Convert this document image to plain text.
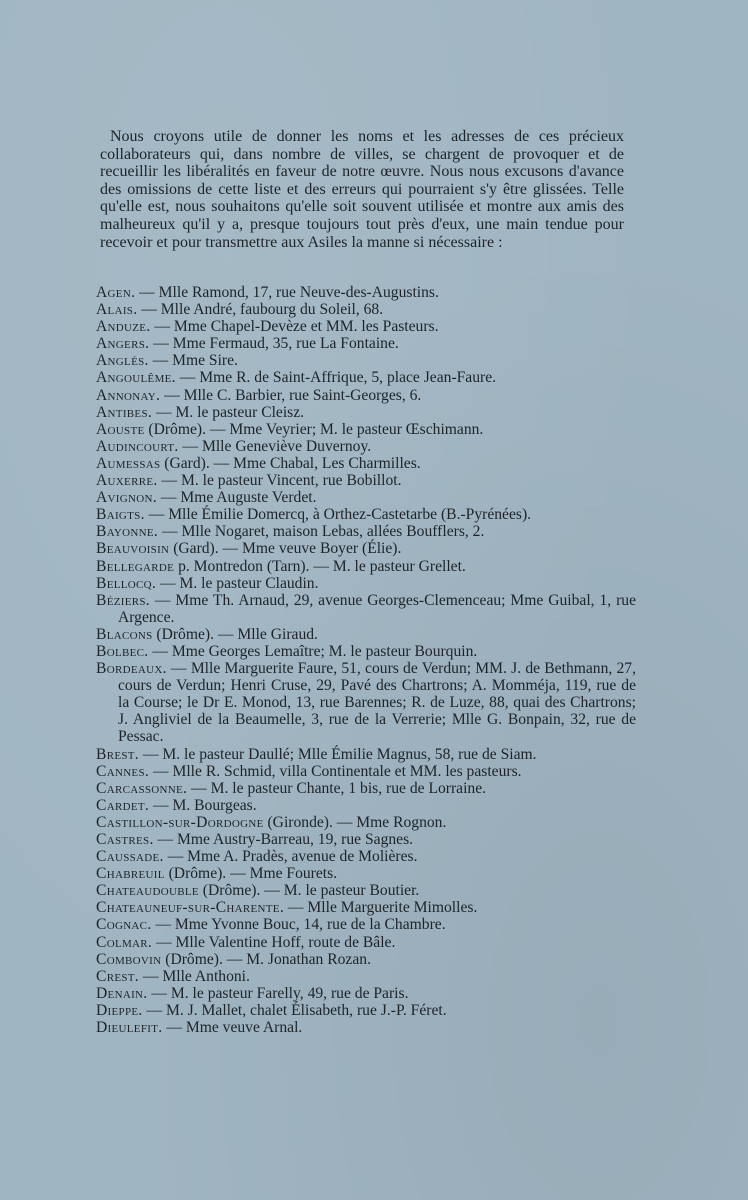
Nous croyons utile de donner les noms et les adresses de ces précieux collaborateurs qui, dans nombre de villes, se chargent de provoquer et de recueillir les libéralités en faveur de notre œuvre. Nous nous excusons d'avance des omissions de cette liste et des erreurs qui pourraient s'y être glissées. Telle qu'elle est, nous souhaitons qu'elle soit souvent utilisée et montre aux amis des malheureux qu'il y a, presque toujours tout près d'eux, une main tendue pour recevoir et pour transmettre aux Asiles la manne si nécessaire :

Agen. — Mlle Ramond, 17, rue Neuve-des-Augustins.
Alais. — Mlle André, faubourg du Soleil, 68.
Anduze. — Mme Chapel-Devèze et MM. les Pasteurs.
Angers. — Mme Fermaud, 35, rue La Fontaine.
Anglès. — Mme Sire.
Angoulême. — Mme R. de Saint-Affrique, 5, place Jean-Faure.
Annonay. — Mlle C. Barbier, rue Saint-Georges, 6.
Antibes. — M. le pasteur Cleisz.
Aouste (Drôme). — Mme Veyrier; M. le pasteur Œschimann.
Audincourt. — Mlle Geneviève Duvernoy.
Aumessas (Gard). — Mme Chabal, Les Charmilles.
Auxerre. — M. le pasteur Vincent, rue Bobillot.
Avignon. — Mme Auguste Verdet.
Baigts. — Mlle Émilie Domercq, à Orthez-Castetarbe (B.-Pyrénées).
Bayonne. — Mlle Nogaret, maison Lebas, allées Boufflers, 2.
Beauvoisin (Gard). — Mme veuve Boyer (Élie).
Bellegarde p. Montredon (Tarn). — M. le pasteur Grellet.
Bellocq. — M. le pasteur Claudin.
Béziers. — Mme Th. Arnaud, 29, avenue Georges-Clemenceau; Mme Guibal, 1, rue Argence.
Blacons (Drôme). — Mlle Giraud.
Bolbec. — Mme Georges Lemaître; M. le pasteur Bourquin.
Bordeaux. — Mlle Marguerite Faure, 51, cours de Verdun; MM. J. de Bethmann, 27, cours de Verdun; Henri Cruse, 29, Pavé des Chartrons; A. Momméja, 119, rue de la Course; le Dr E. Monod, 13, rue Barennes; R. de Luze, 88, quai des Chartrons; J. Angliviel de la Beaumelle, 3, rue de la Verrerie; Mlle G. Bonpain, 32, rue de Pessac.
Brest. — M. le pasteur Daullé; Mlle Émilie Magnus, 58, rue de Siam.
Cannes. — Mlle R. Schmid, villa Continentale et MM. les pasteurs.
Carcassonne. — M. le pasteur Chante, 1 bis, rue de Lorraine.
Cardet. — M. Bourgeas.
Castillon-sur-Dordogne (Gironde). — Mme Rognon.
Castres. — Mme Austry-Barreau, 19, rue Sagnes.
Caussade. — Mme A. Pradès, avenue de Molières.
Chabreuil (Drôme). — Mme Fourets.
Chateaudouble (Drôme). — M. le pasteur Boutier.
Chateauneuf-sur-Charente. — Mlle Marguerite Mimolles.
Cognac. — Mme Yvonne Bouc, 14, rue de la Chambre.
Colmar. — Mlle Valentine Hoff, route de Bâle.
Combovin (Drôme). — M. Jonathan Rozan.
Crest. — Mlle Anthoni.
Denain. — M. le pasteur Farelly, 49, rue de Paris.
Dieppe. — M. J. Mallet, chalet Élisabeth, rue J.-P. Féret.
Dieulefit. — Mme veuve Arnal.
